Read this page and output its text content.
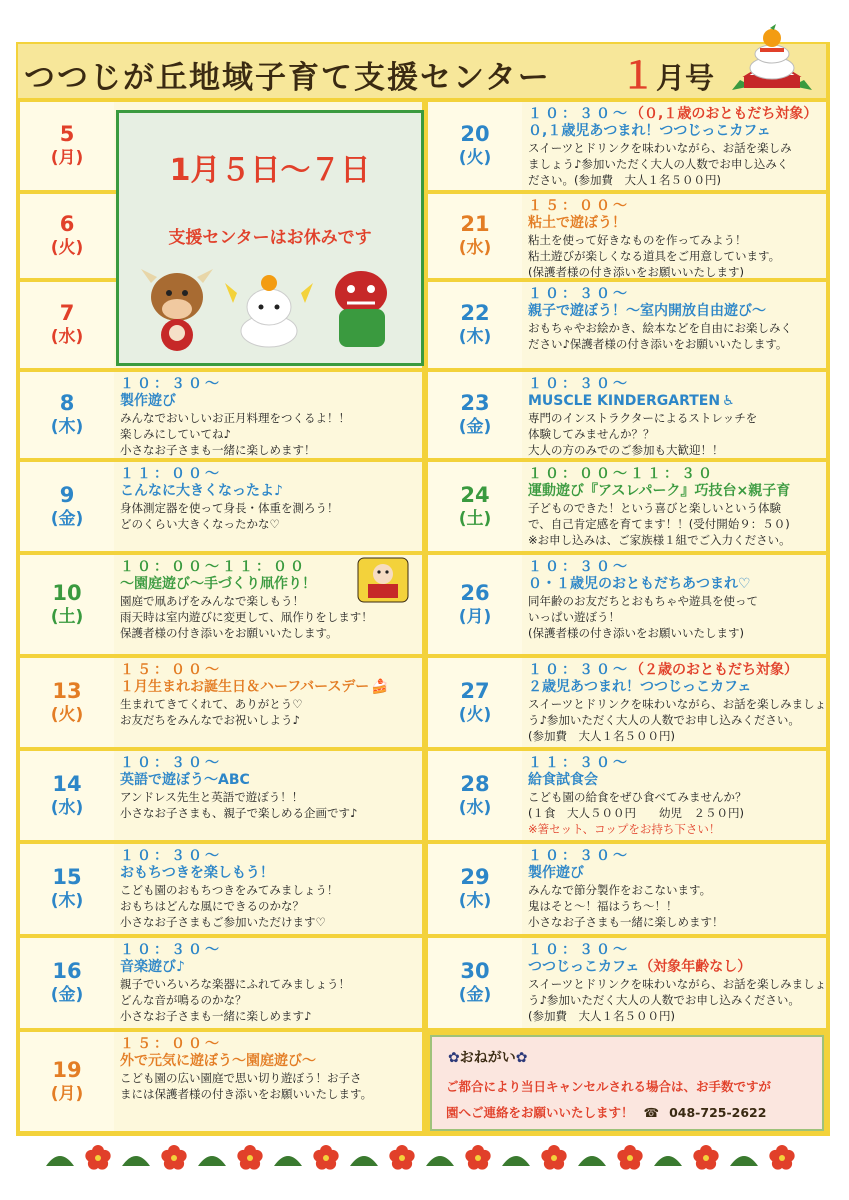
つつじが丘地域子育て支援センター １月号
5
(月)
6
(火)
7
(水)
8
(木)
１０：３０～
製作遊び
みんなでおいしいお正月料理をつくるよ！！
楽しみにしていてね♪
小さなお子さまも一緒に楽しめます！
9
(金)
１１：００～
こんなに大きくなったよ♪
身体測定器を使って身長・体重を測ろう！
どのくらい大きくなったかな♡
10
(土)
１０：００～１１：００
～園庭遊び～手づくり凧作り！
園庭で凧あげをみんなで楽しもう！
雨天時は室内遊びに変更して、凧作りをします！
保護者様の付き添いをお願いいたします。
13
(火)
１５：００～
１月生まれお誕生日＆ハーフバースデー 🍰
生まれてきてくれて、ありがとう♡
お友だちをみんなでお祝いしよう♪
14
(水)
１０：３０～
英語で遊ぼう～ABC
アンドレス先生と英語で遊ぼう！！
小さなお子さまも、親子で楽しめる企画です♪
15
(木)
１０：３０～
おもちつきを楽しもう！
こども園のおもちつきをみてみましょう！
おもちはどんな風にできるのかな？
小さなお子さまもご参加いただけます♡
16
(金)
１０：３０～
音楽遊び♪
親子でいろいろな楽器にふれてみましょう！
どんな音が鳴るのかな？
小さなお子さまも一緒に楽しめます♪
19
(月)
１５：００～
外で元気に遊ぼう～園庭遊び～
こども園の広い園庭で思い切り遊ぼう！お子さ
まには保護者様の付き添いをお願いいたします。
20
(火)
１０：３０～（０,１歳のおともだち対象）
０,１歳児あつまれ！つつじっこカフェ
スイーツとドリンクを味わいながら、お話を楽しみ
ましょう♪参加いただく大人の人数でお申し込みく
ださい。(参加費　大人１名５００円)
21
(水)
１５：００～
粘土で遊ぼう！
粘土を使って好きなものを作ってみよう！
粘土遊びが楽しくなる道具をご用意しています。
(保護者様の付き添いをお願いいたします)
22
(木)
１０：３０～
親子で遊ぼう！～室内開放自由遊び～
おもちゃやお絵かき、絵本などを自由にお楽しみく
ださい♪保護者様の付き添いをお願いいたします。
23
(金)
１０：３０～
MUSCLE KINDERGARTEN ♿
専門のインストラクターによるストレッチを
体験してみませんか？？
大人の方のみでのご参加も大歓迎！！
24
(土)
１０：００～１１：３０
運動遊び『アスレパーク』巧技台×親子育
子どものできた！という喜びと楽しいという体験
で、自己肯定感を育てます！！(受付開始９：５０)
※お申し込みは、ご家族様１組でご入力ください。
26
(月)
１０：３０～
０・１歳児のおともだちあつまれ♡
同年齢のお友だちとおもちゃや遊具を使って
いっぱい遊ぼう！
(保護者様の付き添いをお願いいたします)
27
(火)
１０：３０～（２歳のおともだち対象）
２歳児あつまれ！つつじっこカフェ
スイーツとドリンクを味わいながら、お話を楽しみましょ
う♪参加いただく大人の人数でお申し込みください。
(参加費　大人１名５００円)
28
(水)
１１：３０～
給食試食会
こども園の給食をぜひ食べてみませんか？
(１食　大人５００円　　幼児　２５０円)
※箸セット、コップをお持ち下さい！
29
(木)
１０：３０～
製作遊び
みんなで節分製作をおこないます。
鬼はそと～！福はうち～！！
小さなお子さまも一緒に楽しめます！
30
(金)
１０：３０～
つつじっこカフェ（対象年齢なし）
スイーツとドリンクを味わいながら、お話を楽しみましょ
う♪参加いただく大人の人数でお申し込みください。
(参加費　大人１名５００円)
1月５日～７日
支援センターはお休みです
✿おねがい✿
ご都合により当日キャンセルされる場合は、お手数ですが
園へご連絡をお願いいたします！ ☎ 048-725-2622
